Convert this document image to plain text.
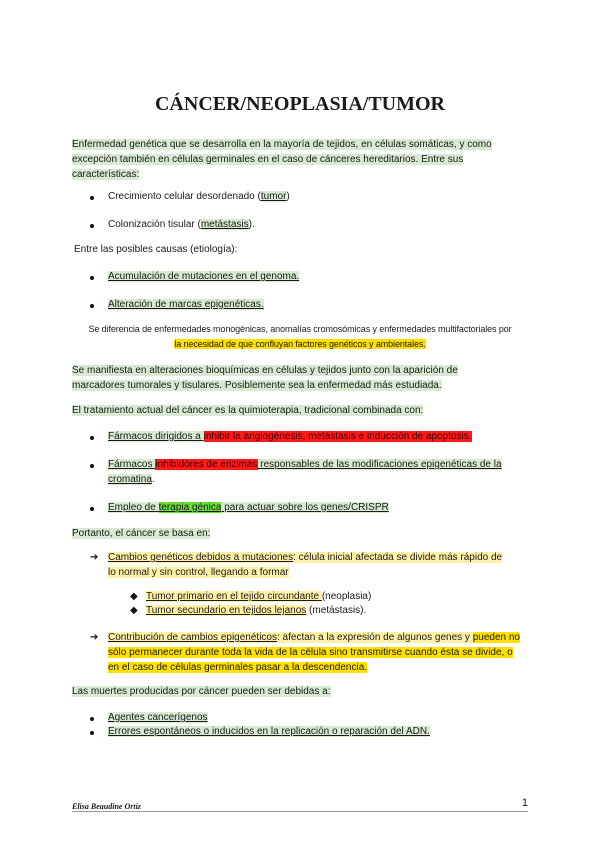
CÁNCER/NEOPLASIA/TUMOR
Enfermedad genética que se desarrolla en la mayoría de tejidos, en células somáticas, y como
excepción también en células germinales en el caso de cánceres hereditarios. Entre sus
características:
Crecimiento celular desordenado (tumor)
Colonización tisular (metástasis).
Entre las posibles causas (etiología):
Acumulación de mutaciones en el genoma.
Alteración de marcas epigenéticas.
Se diferencia de enfermedades monogénicas, anomalías cromosómicas y enfermedades multifactoriales por
la necesidad de que confluyan factores genéticos y ambientales.
Se manifiesta en alteraciones bioquímicas en células y tejidos junto con la aparición de
marcadores tumorales y tisulares. Posiblemente sea la enfermedad más estudiada.
El tratamiento actual del cáncer es la quimioterapia, tradicional combinada con:
Fármacos dirigidos a inhibir la angiogénesis, metástasis e inducción de apoptosis.
Fármacos inhibidores de enzimas responsables de las modificaciones epigenéticas de la
cromatina.
Empleo de terapia génica para actuar sobre los genes/CRISPR
Portanto, el cáncer se basa en:
➔ Cambios genéticos debidos a mutaciones: célula inicial afectada se divide más rápido de
lo normal y sin control, llegando a formar
◆ Tumor primario en el tejido circundante (neoplasia)
◆ Tumor secundario en tejidos lejanos (metástasis).
➔ Contribución de cambios epigenéticos: afectan a la expresión de algunos genes y pueden no
sólo permanecer durante toda la vida de la célula sino transmitirse cuando ésta se divide, o
en el caso de células germinales pasar a la descendencia.
Las muertes producidas por cáncer pueden ser debidas a:
Agentes cancerígenos
Errores espontáneos o inducidos en la replicación o reparación del ADN.
Elisa Beaudine Ortiz	1
